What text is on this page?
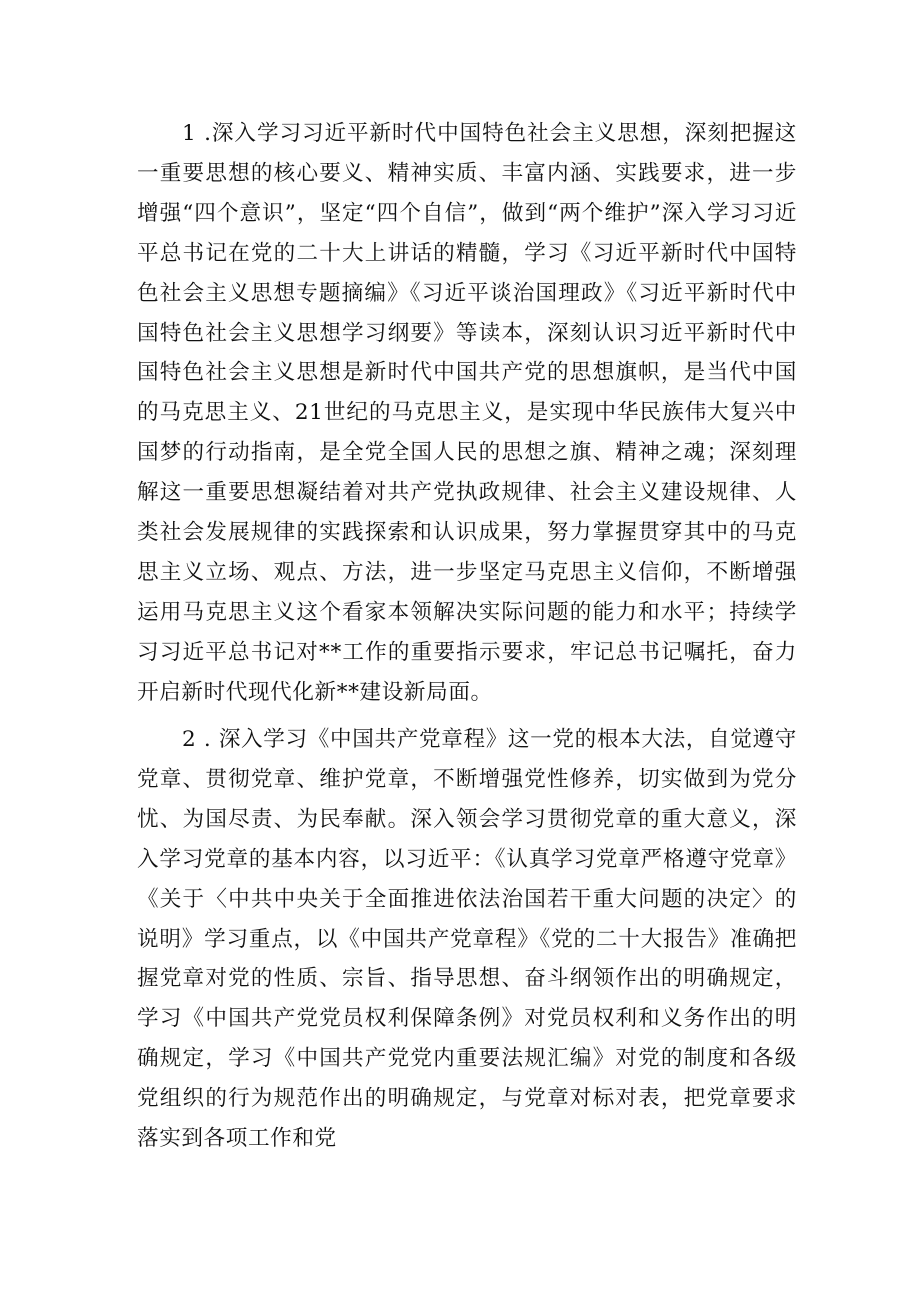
1 .深入学习习近平新时代中国特色社会主义思想，深刻把握这一重要思想的核心要义、精神实质、丰富内涵、实践要求，进一步增强“四个意识”，坚定“四个自信”，做到“两个维护”深入学习习近平总书记在党的二十大上讲话的精髓，学习《习近平新时代中国特色社会主义思想专题摘编》《习近平谈治国理政》《习近平新时代中国特色社会主义思想学习纲要》等读本，深刻认识习近平新时代中国特色社会主义思想是新时代中国共产党的思想旗帜，是当代中国的马克思主义、21世纪的马克思主义，是实现中华民族伟大复兴中国梦的行动指南，是全党全国人民的思想之旗、精神之魂；深刻理解这一重要思想凝结着对共产党执政规律、社会主义建设规律、人类社会发展规律的实践探索和认识成果，努力掌握贯穿其中的马克思主义立场、观点、方法，进一步坚定马克思主义信仰，不断增强运用马克思主义这个看家本领解决实际问题的能力和水平；持续学习习近平总书记对**工作的重要指示要求，牢记总书记嘱托，奋力开启新时代现代化新**建设新局面。

2 . 深入学习《中国共产党章程》这一党的根本大法，自觉遵守党章、贯彻党章、维护党章，不断增强党性修养，切实做到为党分忧、为国尽责、为民奉献。深入领会学习贯彻党章的重大意义，深入学习党章的基本内容，以习近平：《认真学习党章严格遵守党章》《关于〈中共中央关于全面推进依法治国若干重大问题的决定〉的说明》学习重点，以《中国共产党章程》《党的二十大报告》准确把握党章对党的性质、宗旨、指导思想、奋斗纲领作出的明确规定，学习《中国共产党党员权利保障条例》对党员权利和义务作出的明确规定，学习《中国共产党党内重要法规汇编》对党的制度和各级党组织的行为规范作出的明确规定，与党章对标对表，把党章要求落实到各项工作和党
